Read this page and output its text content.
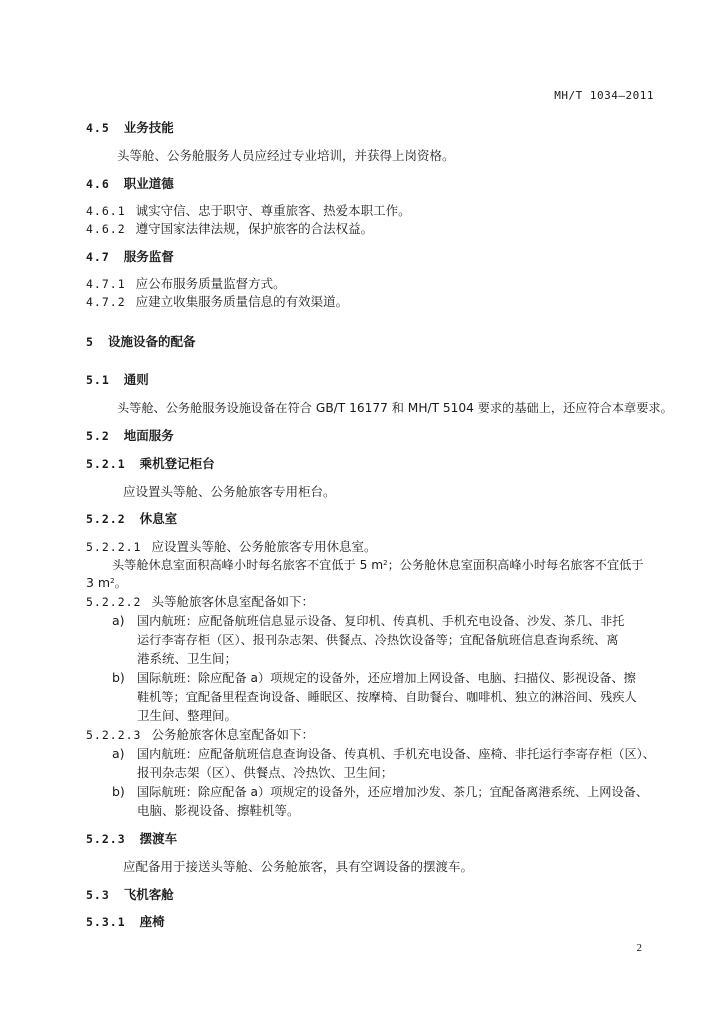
MH/T 1034—2011
4.5 业务技能
头等舱、公务舱服务人员应经过专业培训，并获得上岗资格。
4.6 职业道德
4.6.1 诚实守信、忠于职守、尊重旅客、热爱本职工作。
4.6.2 遵守国家法律法规，保护旅客的合法权益。
4.7 服务监督
4.7.1 应公布服务质量监督方式。
4.7.2 应建立收集服务质量信息的有效渠道。
5 设施设备的配备
5.1 通则
头等舱、公务舱服务设施设备在符合 GB/T 16177 和 MH/T 5104 要求的基础上，还应符合本章要求。
5.2 地面服务
5.2.1 乘机登记柜台
应设置头等舱、公务舱旅客专用柜台。
5.2.2 休息室
5.2.2.1 应设置头等舱、公务舱旅客专用休息室。
头等舱休息室面积高峰小时每名旅客不宜低于 5 $m^2$；公务舱休息室面积高峰小时每名旅客不宜低于
3 $m^2$。
5.2.2.2 头等舱旅客休息室配备如下：
a) 国内航班：应配备航班信息显示设备、复印机、传真机、手机充电设备、沙发、茶几、非托
运行李寄存柜（区）、报刊杂志架、供餐点、冷热饮设备等；宜配备航班信息查询系统、离
港系统、卫生间；
b) 国际航班：除应配备 a）项规定的设备外，还应增加上网设备、电脑、扫描仪、影视设备、擦
鞋机等；宜配备里程查询设备、睡眠区、按摩椅、自助餐台、咖啡机、独立的淋浴间、残疾人
卫生间、整理间。
5.2.2.3 公务舱旅客休息室配备如下：
a) 国内航班：应配备航班信息查询设备、传真机、手机充电设备、座椅、非托运行李寄存柜（区）、
报刊杂志架（区）、供餐点、冷热饮、卫生间；
b) 国际航班：除应配备 a）项规定的设备外，还应增加沙发、茶几；宜配备离港系统、上网设备、
电脑、影视设备、擦鞋机等。
5.2.3 摆渡车
应配备用于接送头等舱、公务舱旅客，具有空调设备的摆渡车。
5.3 飞机客舱
5.3.1 座椅
2
